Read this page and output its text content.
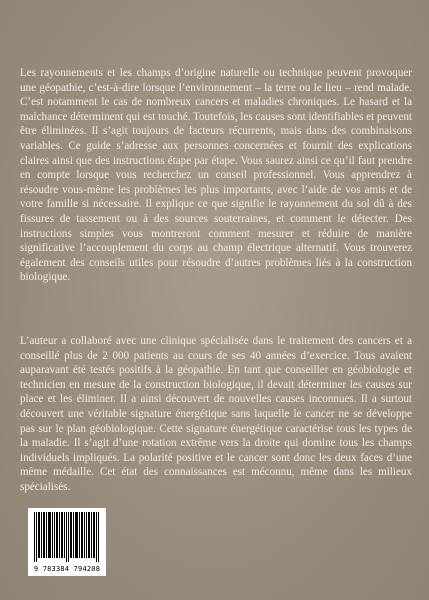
Les rayonnements et les champs d’origine naturelle ou technique peuvent provoquer une géopathie, c’est-à-dire lorsque l’environnement – la terre ou le lieu – rend malade. C’est notamment le cas de nombreux cancers et maladies chroniques. Le hasard et la malchance déterminent qui est touché. Toutefois, les causes sont identifiables et peuvent être éliminées. Il s’agit toujours de facteurs récurrents, mais dans des combinaisons variables. Ce guide s’adresse aux personnes concernées et fournit des explications claires ainsi que des instructions étape par étape. Vous saurez ainsi ce qu’il faut prendre en compte lorsque vous recherchez un conseil professionnel. Vous apprendrez à résoudre vous-même les problèmes les plus importants, avec l’aide de vos amis et de votre famille si nécessaire. Il explique ce que signifie le rayonnement du sol dû à des fissures de tassement ou à des sources souterraines, et comment le détecter. Des instructions simples vous montreront comment mesurer et réduire de manière significative l’accouplement du corps au champ électrique alternatif. Vous trouverez également des conseils utiles pour résoudre d’autres problèmes liés à la construction biologique.

L’auteur a collaboré avec une clinique spécialisée dans le traitement des cancers et a conseillé plus de 2 000 patients au cours de ses 40 années d’exercice. Tous avaient auparavant été testés positifs à la géopathie. En tant que conseiller en géobiologie et technicien en mesure de la construction biologique, il devait déterminer les causes sur place et les éliminer. Il a ainsi découvert de nouvelles causes inconnues. Il a surtout découvert une véritable signature énergétique sans laquelle le cancer ne se développe pas sur le plan géobiologique. Cette signature énergétique caractérise tous les types de la maladie. Il s’agit d’une rotation extrême vers la droite qui domine tous les champs individuels impliqués. La polarité positive et le cancer sont donc les deux faces d’une même médaille. Cet état des connaissances est méconnu, même dans les milieux spécialisés.

9 783384 794208
